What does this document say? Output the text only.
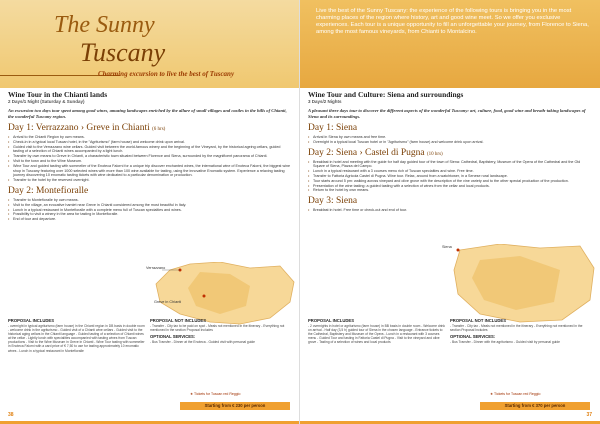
The Sunny
Tuscany
Charming excursion to live the best of Tuscany
Wine Tour in the Chianti lands
2 Days/1 Night (Saturday & Sunday)
An excursion two days tour spent among good wines, amazing landscapes enriched by the allure of small villages and castles in the hills of Chianti, the wonderful Tuscany region.
Day 1: Verrazzano › Greve in Chianti (6 hrs)
• Arrival to the Chianti Region by own means.
• Check-in in a typical local Tuscan hotel, in the "Agriturismo" (farm house) and welcome drink upon arrival.
• Guided visit to the Verrazzano wine cellars. Guided visit between the world-famous winery and the beginning of the Vineyard, by the historical ageing cellars, guided tasting of a selection of Chianti wines accompanied by a light lunch.
• Transfer by own means to Greve in Chianti, a characteristic town situated between Florence and Siena, surrounded by the magnificent panorama of Chianti.
• Visit to the town and to the Wine Museum.
• Wine Tour and guided tasting with sommelier of the Enoteca Falorni for a unique trip discover enchanted wines, the international wine of Enoteca Falorni, the biggest wine shop in Tuscany featuring over 1000 selected wines with more than 100 wine available for tasting, using the innovative Enomatic system. Experience a relaxing tasting journey discovering 10 enomatic tasting tickets with wine dedicated to a particular denomination or production.
• Transfer to the hotel by the reserved overnight.
Day 2: Montefioralle
• Transfer to Montefioralle by own means.
• Visit to the village, an evocative hamlet near Greve in Chianti considered among the most beautiful in Italy.
• Lunch in a typical restaurant in Montefioralle with a complete menu full of Tuscan specialties and wines.
• Possibility to visit a winery in the area for tasting in Montefioralle.
• End of tour and departure.
Verrazzano
Greve in Chianti
PROPOSAL INCLUDES
- overnight in typical agriturismo (farm house) in the Chianti region in DB basis in double room - welcome drink in the agriturismo - Guided visit of a Chianti wine cellars - Guided visit to the historical aging cellars in the Chianti language - Guided tasting of a selection of Chianti wines at the cellar - Lightly lunch with specialities accompanied with tasting wines from Tuscan productions - Visit to the Wine Museum in Greve in Chianti - Wine Tour tasting with sommelier in Enoteca Falorni with a card price of € 7,50 to use for tasting approximately 10 enomatic wines - Lunch in a typical restaurant in Montefioralle
PROPOSAL NOT INCLUDES
- Transfer - City tax to be paid on spot - Meals not mentioned in the itinerary - Everything not mentioned in the section Proposal Includes
OPTIONAL SERVICES:
- Bus Transfer - Dinner at the Enoteca - Guided visit with personal guide
★ Tickets for Tuscan red Reggio
Starting from € 230 per person
38

Live the best of the Sunny Tuscany: the experience of the following tours is bringing you in the most charming places of the region where history, art and good wine meet. So we offer you exclusive experiences. Each tour is a unique opportunity to fill an unforgettable your journey, from Florence to Siena, among the most famous vineyards, from Chianti to Montalcino.

Wine Tour and Culture: Siena and surroundings
3 Days/2 Nights
A pleasant three days tour to discover the different aspects of the wonderful Tuscany: art, culture, food, good wine and breath-taking landscapes of Siena and its surroundings.
Day 1: Siena
• Arrival in Siena by own means and free time.
• Overnight in a typical local Tuscan hotel or in "Agriturismo" (farm house) and welcome drink upon arrival.
Day 2: Siena › Castel di Pugna (10 hrs)
• Breakfast in hotel and meeting with the guide for half day guided tour of the town of Siena: Cathedral, Baptistery, Museum of the Opera of the Cathedral and the Old Square of Siena, Piazza del Campo.
• Lunch in a typical restaurant with a 3 courses menu rich of Tuscan specialties and wine. Free time.
• Transfer to Fattoria Agricola Castel di Pugna. Wine tour. Relax, around from a watchtower, in a Senese rural landscape.
• Tour starts around 5 pm: walking across vineyard and olive grove with the description of the vine variety and to the other special production of the production.
• Presentation of the wine tasting: a guided tasting with a selection of wines from the cellar and local products.
• Return to the hotel by own means.
Day 3: Siena
• Breakfast in hotel. Free time or check-out and end of tour.
Siena
PROPOSAL INCLUDES
- 2 overnights in hotel or agriturismo (farm house) in BB basis in double room - Welcome drink on arrival - Half day (3,5 h) guided tour of Siena in the chosen language - Entrance tickets to the Cathedral, Baptistery and Museum of the Opera - Lunch in a restaurant with 3 courses menu - Guided Tour and tasting in Fattoria Castel di Pugna - Visit to the vineyard and olive grove - Tasting of a selection of wines and local products
PROPOSAL NOT INCLUDES
- Transfer - City tax - Meals not mentioned in the itinerary - Everything not mentioned in the section Proposal Includes
OPTIONAL SERVICES:
- Bus Transfer - Dinner with the agriturismo - Guided visit by personal guide
★ Tickets for Tuscan red Reggio
Starting from € 370 per person
37
